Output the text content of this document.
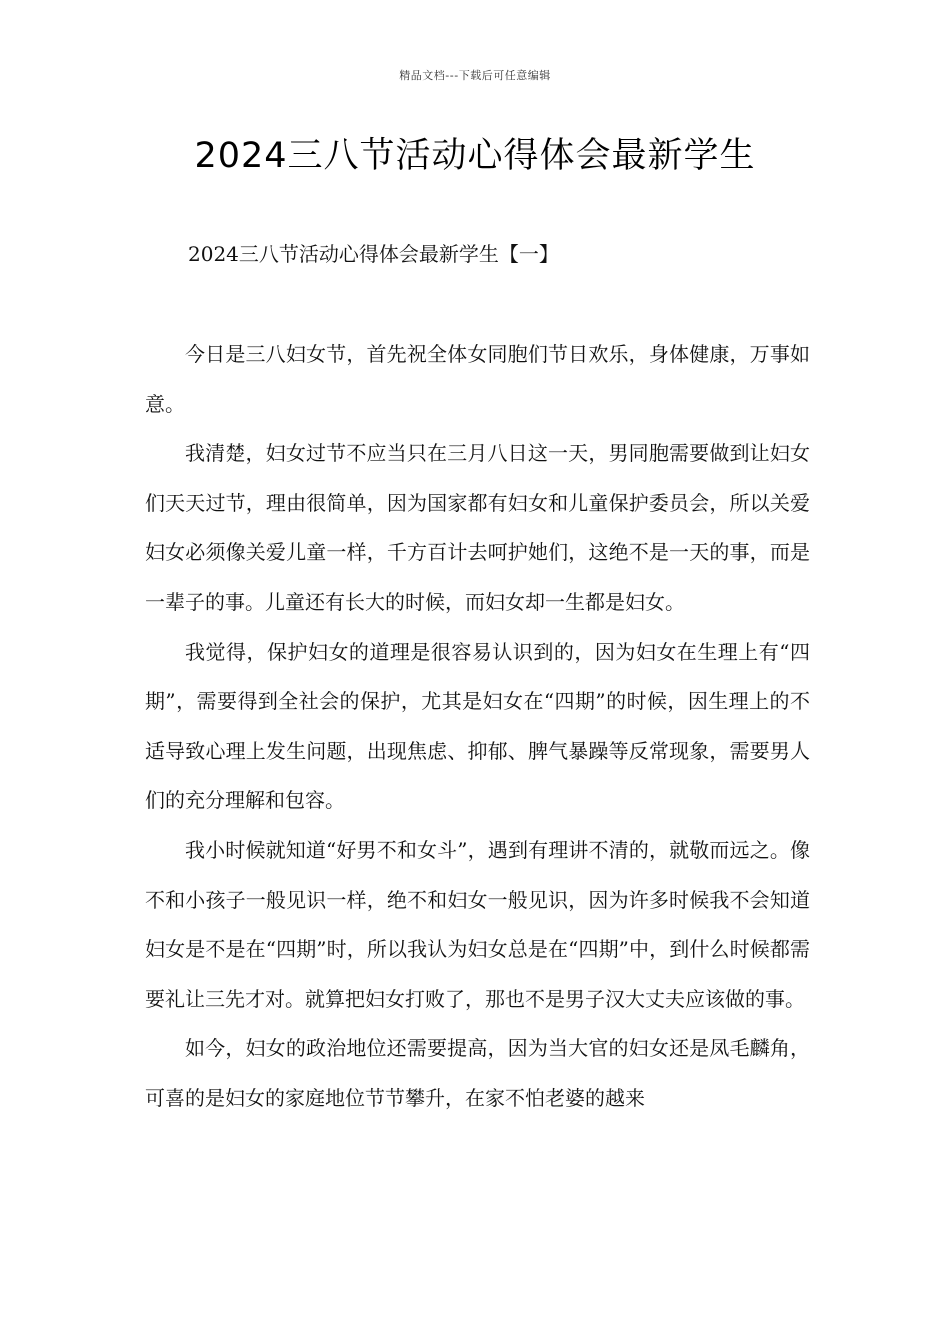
精品文档---下载后可任意编辑
2024三八节活动心得体会最新学生
2024三八节活动心得体会最新学生【一】

今日是三八妇女节，首先祝全体女同胞们节日欢乐，身体健康，万事如意。

我清楚，妇女过节不应当只在三月八日这一天，男同胞需要做到让妇女们天天过节，理由很简单，因为国家都有妇女和儿童保护委员会，所以关爱妇女必须像关爱儿童一样，千方百计去呵护她们，这绝不是一天的事，而是一辈子的事。儿童还有长大的时候，而妇女却一生都是妇女。

我觉得，保护妇女的道理是很容易认识到的，因为妇女在生理上有“四期”，需要得到全社会的保护，尤其是妇女在“四期”的时候，因生理上的不适导致心理上发生问题，出现焦虑、抑郁、脾气暴躁等反常现象，需要男人们的充分理解和包容。

我小时候就知道“好男不和女斗”，遇到有理讲不清的，就敬而远之。像不和小孩子一般见识一样，绝不和妇女一般见识，因为许多时候我不会知道妇女是不是在“四期”时，所以我认为妇女总是在“四期”中，到什么时候都需要礼让三先才对。就算把妇女打败了，那也不是男子汉大丈夫应该做的事。

如今，妇女的政治地位还需要提高，因为当大官的妇女还是凤毛麟角，可喜的是妇女的家庭地位节节攀升，在家不怕老婆的越来
